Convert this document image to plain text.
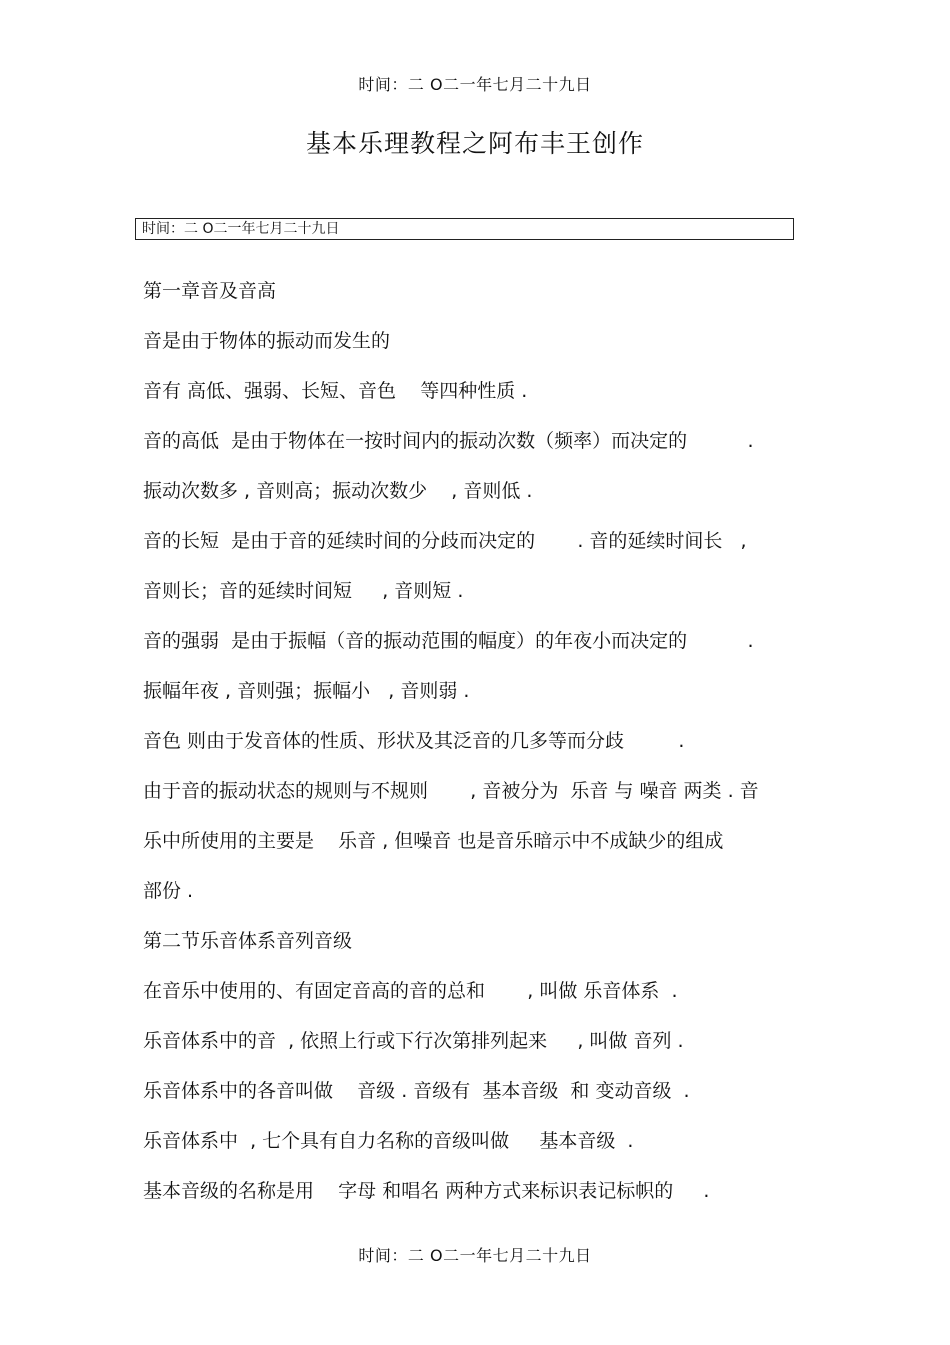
时间：二 O二一年七月二十九日
基本乐理教程之阿布丰王创作
时间：二 O二一年七月二十九日
第一章音及音高
音是由于物体的振动而发生的
音有 高低、强弱、长短、音色    等四种性质 .
音的高低  是由于物体在一按时间内的振动次数（频率）而决定的          .
振动次数多 , 音则高；振动次数少    , 音则低 .
音的长短  是由于音的延续时间的分歧而决定的       . 音的延续时间长   ,
音则长；音的延续时间短     , 音则短 .
音的强弱  是由于振幅（音的振动范围的幅度）的年夜小而决定的          .
振幅年夜 , 音则强；振幅小   , 音则弱 .
音色 则由于发音体的性质、形状及其泛音的几多等而分歧         .
由于音的振动状态的规则与不规则       , 音被分为  乐音 与 噪音 两类 . 音
乐中所使用的主要是    乐音 , 但噪音 也是音乐暗示中不成缺少的组成
部份 .
第二节乐音体系音列音级
在音乐中使用的、有固定音高的音的总和       , 叫做 乐音体系  .
乐音体系中的音  , 依照上行或下行次第排列起来     , 叫做 音列 .
乐音体系中的各音叫做    音级 . 音级有  基本音级  和 变动音级  .
乐音体系中  , 七个具有自力名称的音级叫做     基本音级  .
基本音级的名称是用    字母 和唱名 两种方式来标识表记标帜的     .
时间：二 O二一年七月二十九日
